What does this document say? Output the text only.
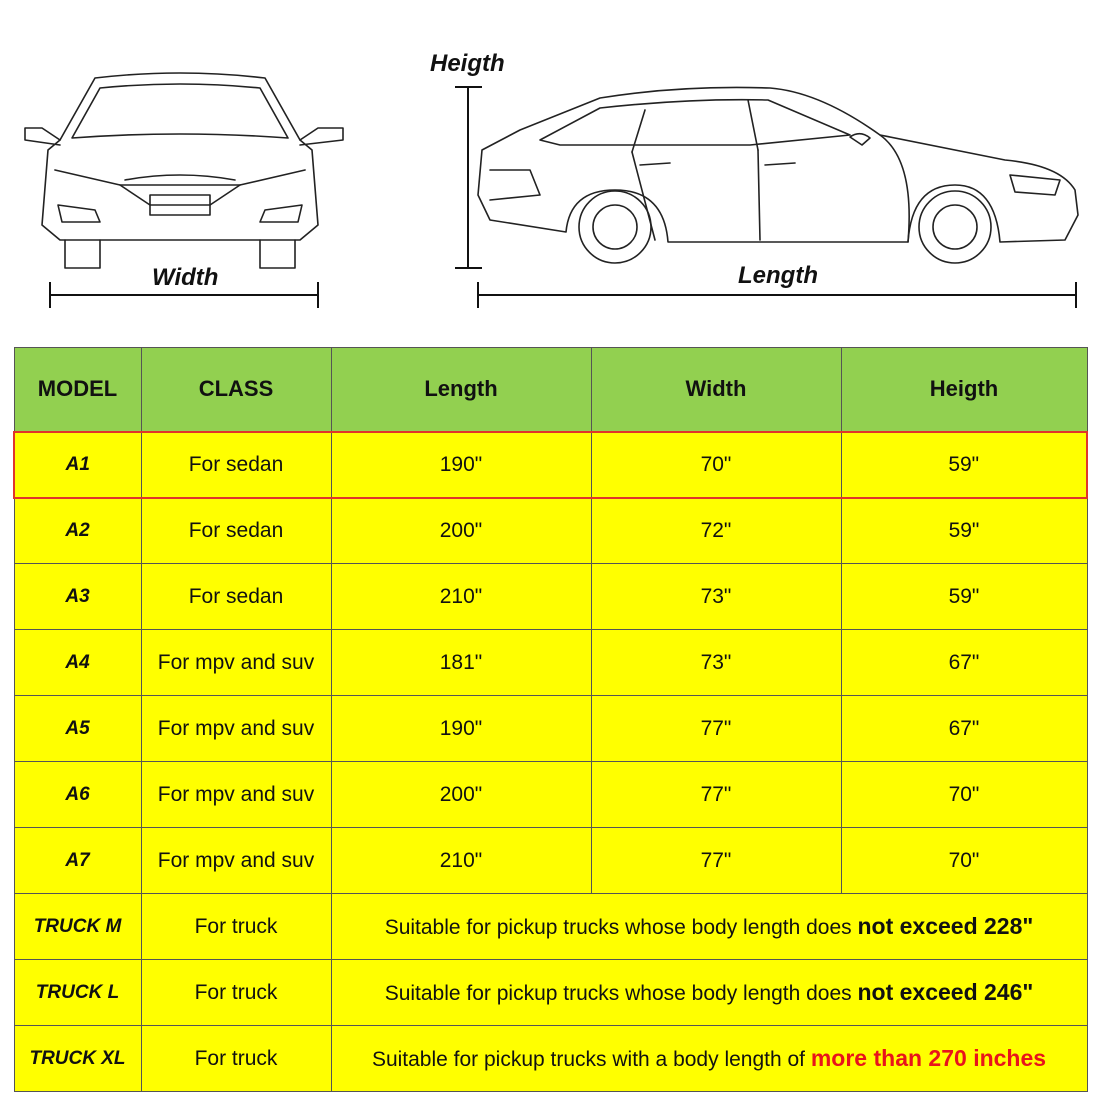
Heigth
Width	Length
MODEL	CLASS	Length	Width	Heigth
A1	For sedan	190"	70"	59"
A2	For sedan	200"	72"	59"
A3	For sedan	210"	73"	59"
A4	For mpv and suv	181"	73"	67"
A5	For mpv and suv	190"	77"	67"
A6	For mpv and suv	200"	77"	70"
A7	For mpv and suv	210"	77"	70"
TRUCK M	For truck	Suitable for pickup trucks whose body length does not exceed 228"		
TRUCK L	For truck	Suitable for pickup trucks whose body length does not exceed 246"		
TRUCK XL	For truck	Suitable for pickup trucks with a body length of more than 270 inches		
